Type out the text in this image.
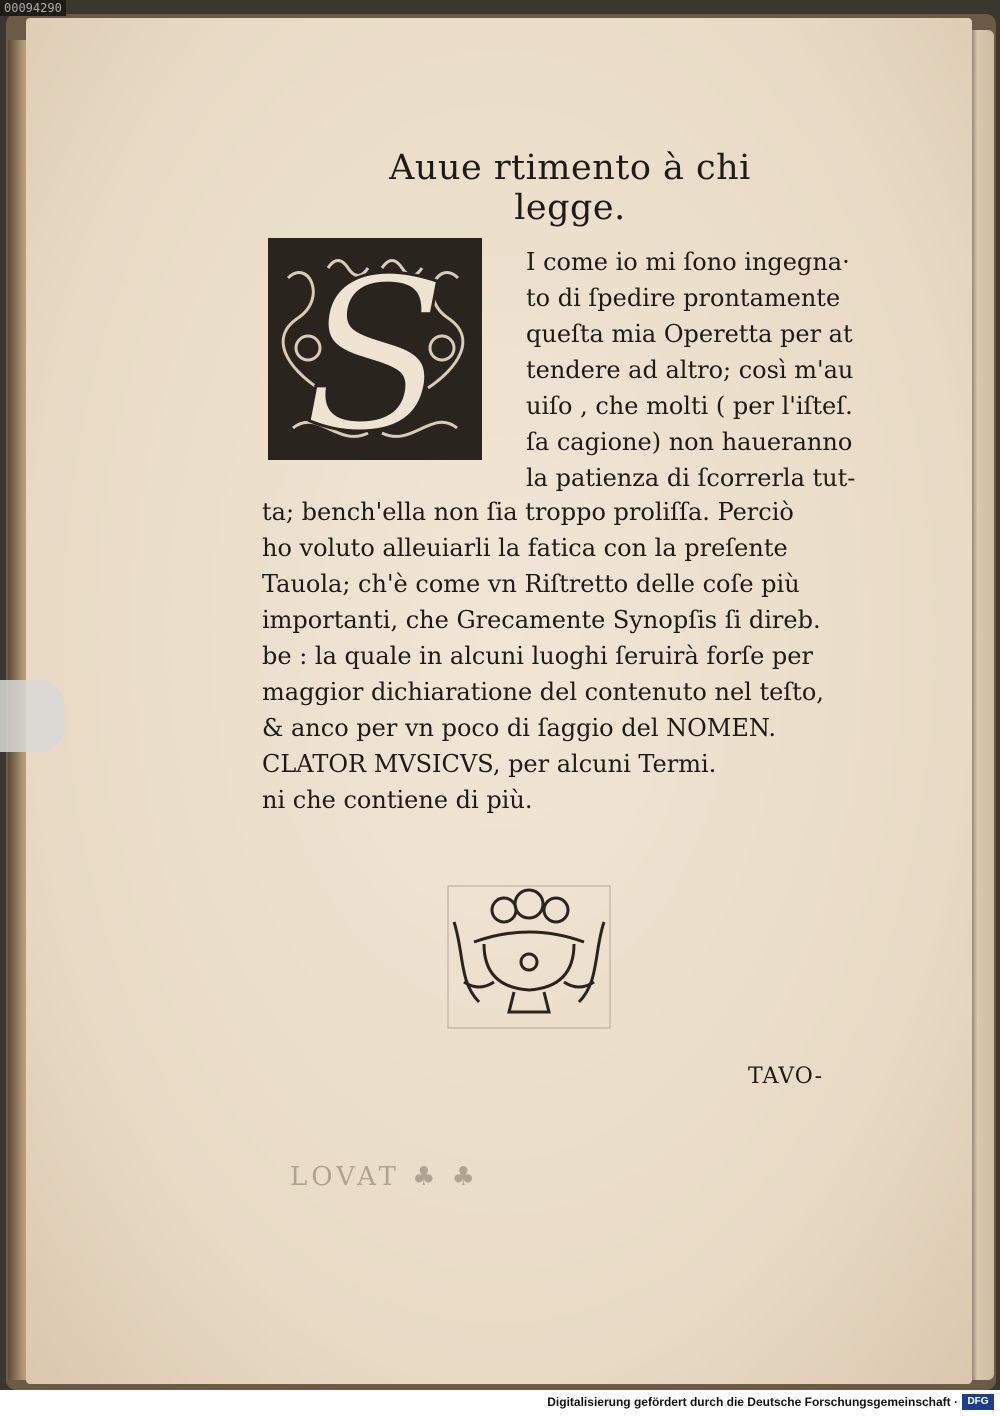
00094290
Auue rtimento à chi legge.
S	I come io mi ſono ingegna·
to di ſpedire prontamente
queſta mia Operetta per at
tendere ad altro; così m'au
uiſo , che molti ( per l'iſteſ.
ſa cagione) non haueranno
la patienza di ſcorrerla tut-
ta; bench'ella non ſia troppo proliſſa. Perciò
ho voluto alleuiarli la fatica con la preſente
Tauola; ch'è come vn Riſtretto delle coſe più
importanti, che Grecamente Synopſis ſi direb.
be : la quale in alcuni luoghi ſeruirà forſe per
maggior dichiaratione del contenuto nel teſto,
& anco per vn poco di ſaggio del NOMEN.
CLATOR MVSICVS, per alcuni Termi.
ni che contiene di più.
TAVO-
LOVAT ♣ ♣
Digitalisierung gefördert durch die Deutsche Forschungsgemeinschaft · DFG
